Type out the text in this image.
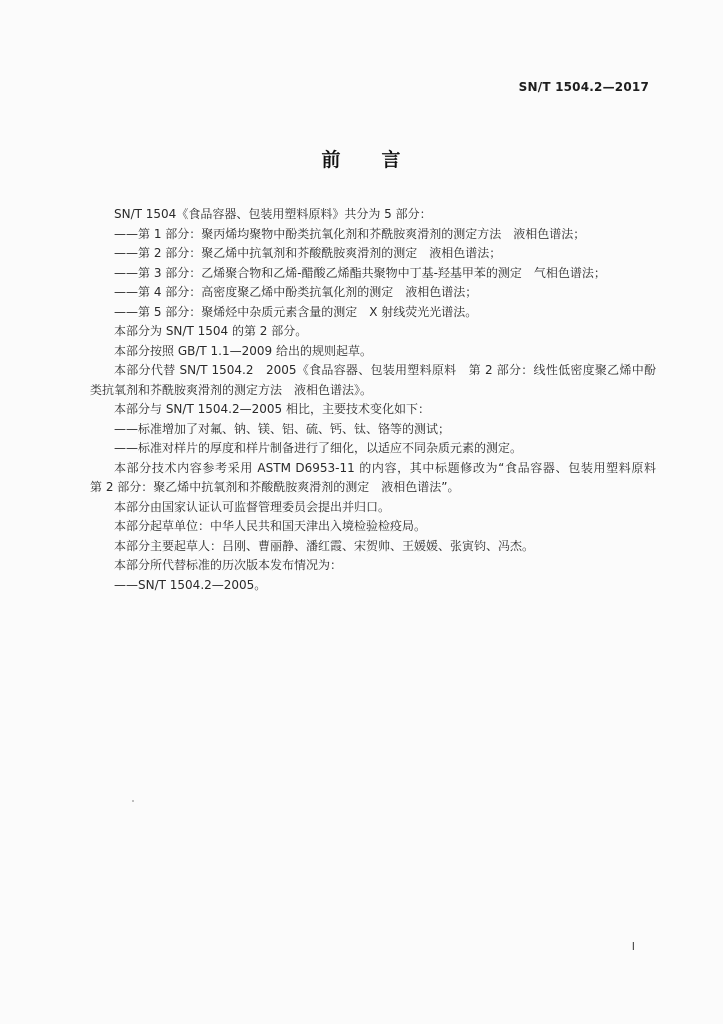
SN/T 1504.2—2017
前　　言

SN/T 1504《食品容器、包装用塑料原料》共分为 5 部分：

——第 1 部分：聚丙烯均聚物中酚类抗氧化剂和芥酰胺爽滑剂的测定方法　液相色谱法；

——第 2 部分：聚乙烯中抗氧剂和芥酸酰胺爽滑剂的测定　液相色谱法；

——第 3 部分：乙烯聚合物和乙烯-醋酸乙烯酯共聚物中丁基-羟基甲苯的测定　气相色谱法；

——第 4 部分：高密度聚乙烯中酚类抗氧化剂的测定　液相色谱法；

——第 5 部分：聚烯烃中杂质元素含量的测定　X 射线荧光光谱法。

本部分为 SN/T 1504 的第 2 部分。

本部分按照 GB/T 1.1—2009 给出的规则起草。

本部分代替 SN/T 1504.2　2005《食品容器、包装用塑料原料　第 2 部分：线性低密度聚乙烯中酚类抗氧剂和芥酰胺爽滑剂的测定方法　液相色谱法》。

本部分与 SN/T 1504.2—2005 相比，主要技术变化如下：

——标准增加了对氟、钠、镁、铝、硫、钙、钛、铬等的测试；

——标准对样片的厚度和样片制备进行了细化，以适应不同杂质元素的测定。

本部分技术内容参考采用 ASTM D6953-11 的内容，其中标题修改为“食品容器、包装用塑料原料　第 2 部分：聚乙烯中抗氧剂和芥酸酰胺爽滑剂的测定　液相色谱法”。

本部分由国家认证认可监督管理委员会提出并归口。

本部分起草单位：中华人民共和国天津出入境检验检疫局。

本部分主要起草人：吕刚、曹丽静、潘红霞、宋贺帅、王媛媛、张寅钧、冯杰。

本部分所代替标准的历次版本发布情况为：

——SN/T 1504.2—2005。

I
